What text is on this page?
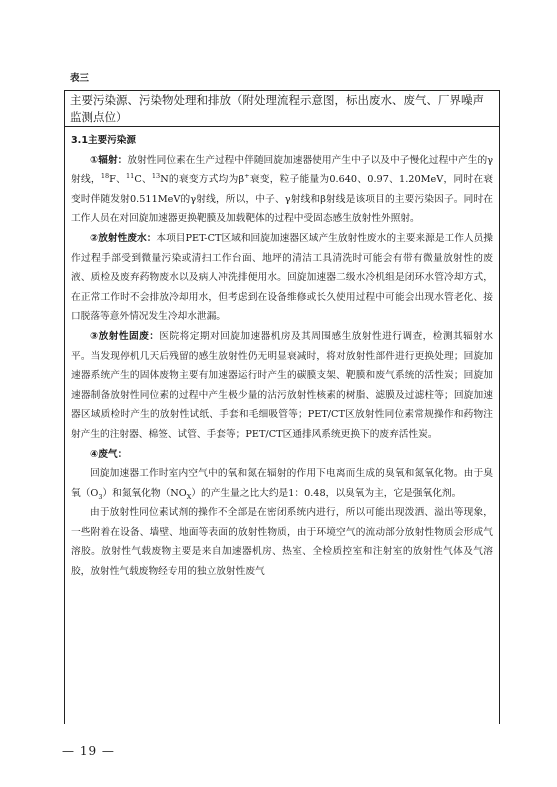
表三
主要污染源、污染物处理和排放（附处理流程示意图，标出废水、废气、厂界噪声监测点位）

3.1主要污染源

①辐射：放射性同位素在生产过程中伴随回旋加速器使用产生中子以及中子慢化过程中产生的γ射线，$^{18}$F、$^{11}$C、$^{13}$N的衰变方式均为β+衰变，粒子能量为0.640、0.97、1.20MeV，同时在衰变时伴随发射0.511MeV的γ射线，所以，中子、γ射线和β射线是该项目的主要污染因子。同时在工作人员在对回旋加速器更换靶膜及加载靶体的过程中受固态感生放射性外照射。

②放射性废水：本项目PET-CT区域和回旋加速器区域产生放射性废水的主要来源是工作人员操作过程手部受到微量污染或清扫工作台面、地坪的清洁工具清洗时可能会有带有微量放射性的废液、质检及废弃药物废水以及病人冲洗排便用水。回旋加速器二级水冷机组是闭环水管冷却方式，在正常工作时不会排放冷却用水，但考虑到在设备维修或长久使用过程中可能会出现水管老化、接口脱落等意外情况发生冷却水泄漏。

③放射性固废：医院将定期对回旋加速器机房及其周围感生放射性进行调查，检测其辐射水平。当发现停机几天后残留的感生放射性仍无明显衰减时，将对放射性部件进行更换处理；回旋加速器系统产生的固体废物主要有加速器运行时产生的碳膜支架、靶膜和废气系统的活性炭；回旋加速器制备放射性同位素的过程中产生极少量的沾污放射性核素的树脂、滤膜及过滤柱等；回旋加速器区域质检时产生的放射性试纸、手套和毛细吸管等；PET/CT区放射性同位素常规操作和药物注射产生的注射器、棉签、试管、手套等；PET/CT区通排风系统更换下的废弃活性炭。

④废气：

回旋加速器工作时室内空气中的氧和氮在辐射的作用下电离而生成的臭氧和氮氧化物。由于臭氧$(O_3)$和氮氧化物$(NO_X)$的产生量之比大约是1：0.48，以臭氧为主，它是强氧化剂。

由于放射性同位素试剂的操作不全部是在密闭系统内进行，所以可能出现泼洒、溢出等现象，一些附着在设备、墙壁、地面等表面的放射性物质，由于环境空气的流动部分放射性物质会形成气溶胶。放射性气载废物主要是来自加速器机房、热室、全检质控室和注射室的放射性气体及气溶胶，放射性气载废物经专用的独立放射性废气

— 19 —
